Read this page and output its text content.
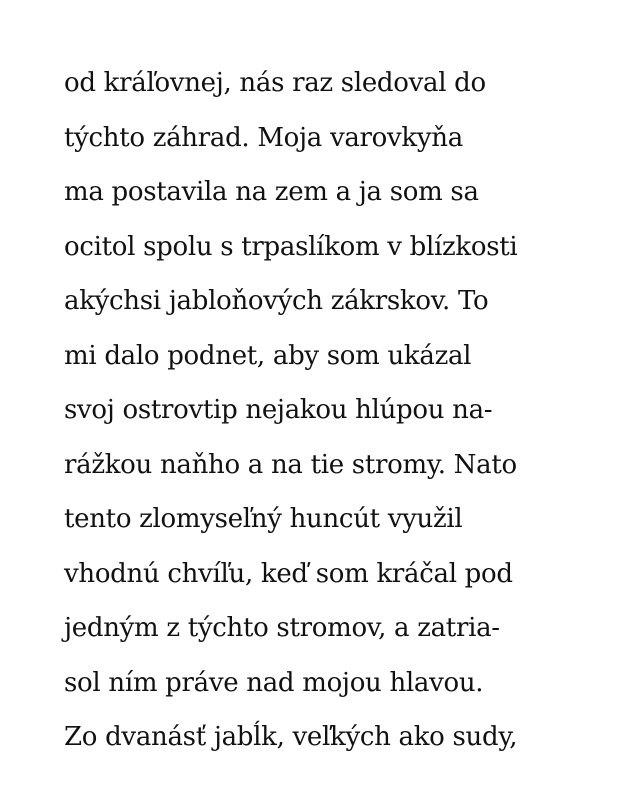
od kráľovnej, nás raz sledoval do
týchto záhrad. Moja varovkyňa
ma postavila na zem a ja som sa
ocitol spolu s trpaslíkom v blízkosti
akýchsi jabloňových zákrskov. To
mi dalo podnet, aby som ukázal
svoj ostrovtip nejakou hlúpou na-
rážkou naňho a na tie stromy. Nato
tento zlomyseľný huncút využil
vhodnú chvíľu, keď som kráčal pod
jedným z týchto stromov, a zatria-
sol ním práve nad mojou hlavou.
Zo dvanásť jabĺk, veľkých ako sudy,
